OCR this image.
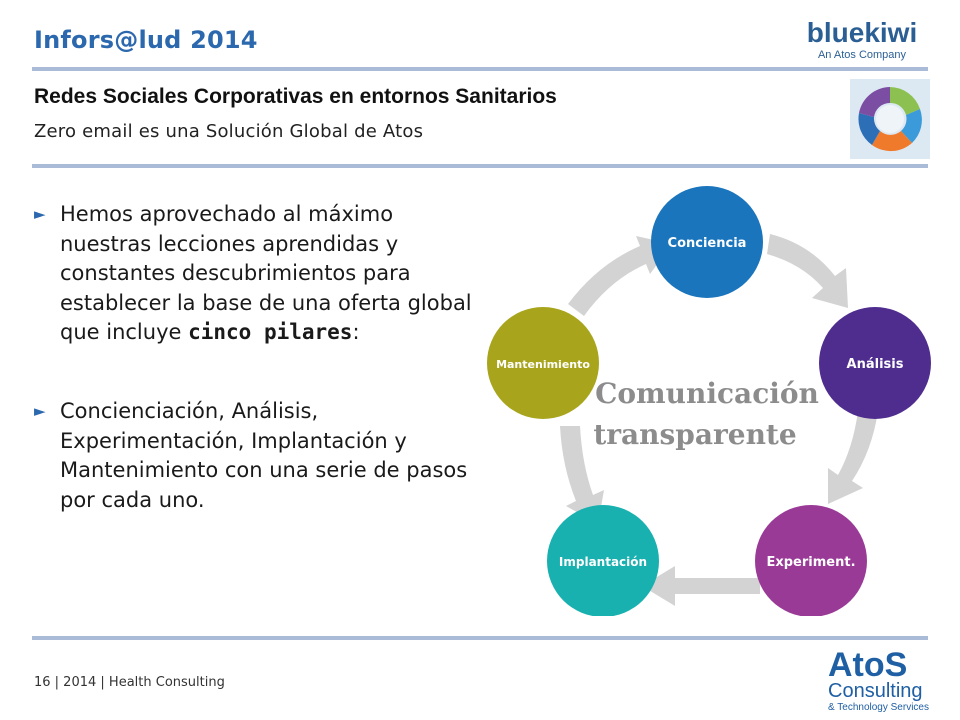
Infors@lud 2014	bluekiwi
An Atos Company
Redes Sociales Corporativas en entornos Sanitarios
Zero email es una Solución Global de Atos
► Hemos aprovechado al máximo nuestras lecciones aprendidas y constantes descubrimientos para establecer la base de una oferta global que incluye cinco pilares:
► Concienciación, Análisis, Experimentación, Implantación y Mantenimiento con una serie de pasos por cada uno.
Conciencia
Análisis
Experiment.
Implantación
Mantenimiento
Comunicación
transparente
16 | 2014 | Health Consulting	AtoS
Consulting
& Technology Services
